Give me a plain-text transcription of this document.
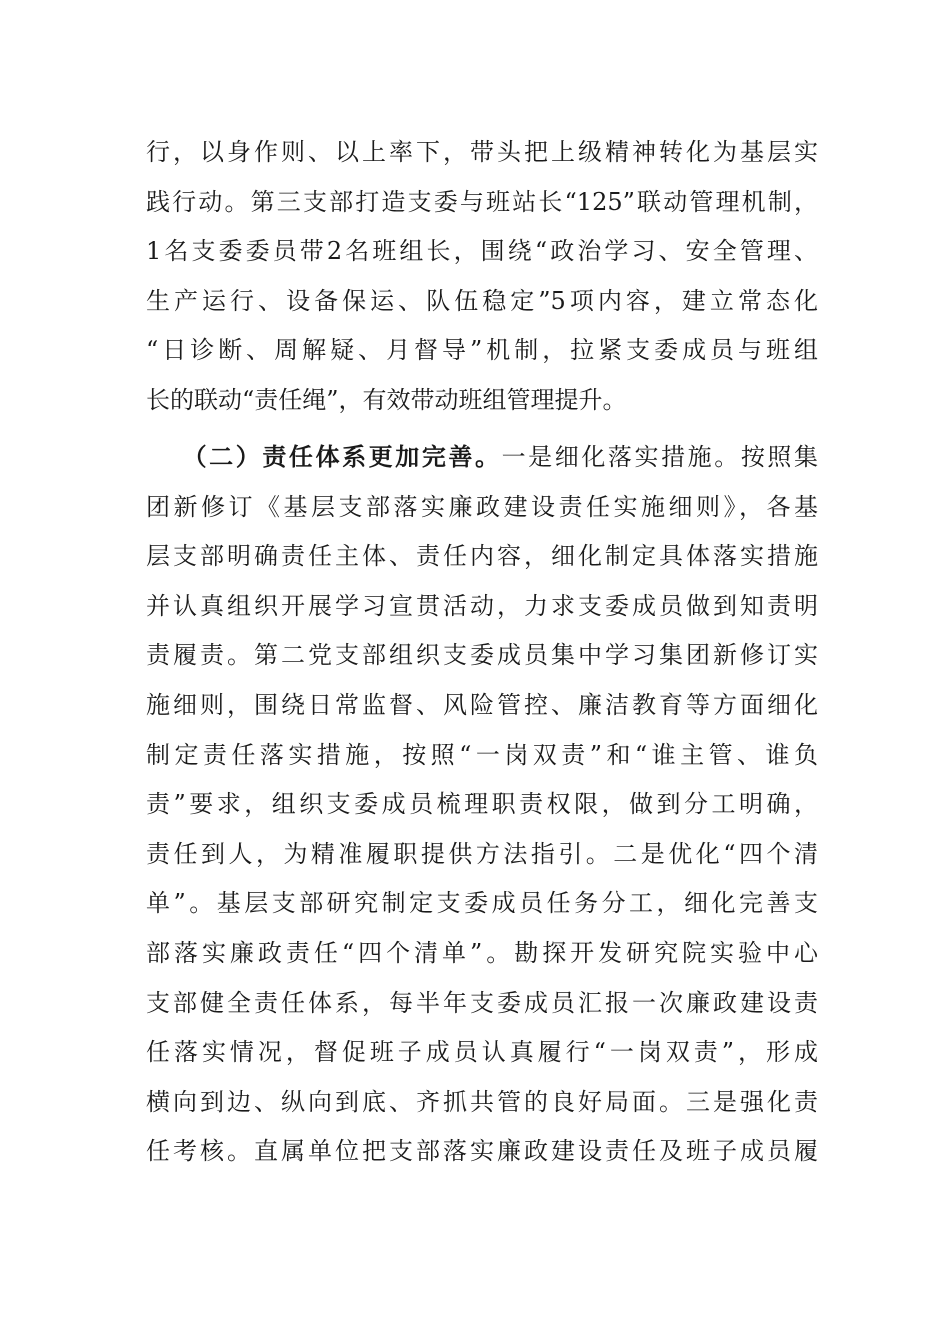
行，以身作则、以上率下，带头把上级精神转化为基层实
践行动。第三支部打造支委与班站长“125”联动管理机制，
1名支委委员带2名班组长，围绕“政治学习、安全管理、
生产运行、设备保运、队伍稳定”5项内容，建立常态化
“日诊断、周解疑、月督导”机制，拉紧支委成员与班组
长的联动“责任绳”，有效带动班组管理提升。
（二）责任体系更加完善。一是细化落实措施。按照集
团新修订《基层支部落实廉政建设责任实施细则》，各基
层支部明确责任主体、责任内容，细化制定具体落实措施
并认真组织开展学习宣贯活动，力求支委成员做到知责明
责履责。第二党支部组织支委成员集中学习集团新修订实
施细则，围绕日常监督、风险管控、廉洁教育等方面细化
制定责任落实措施，按照“一岗双责”和“谁主管、谁负
责”要求，组织支委成员梳理职责权限，做到分工明确，
责任到人，为精准履职提供方法指引。二是优化“四个清
单”。基层支部研究制定支委成员任务分工，细化完善支
部落实廉政责任“四个清单”。勘探开发研究院实验中心
支部健全责任体系，每半年支委成员汇报一次廉政建设责
任落实情况，督促班子成员认真履行“一岗双责”，形成
横向到边、纵向到底、齐抓共管的良好局面。三是强化责
任考核。直属单位把支部落实廉政建设责任及班子成员履
